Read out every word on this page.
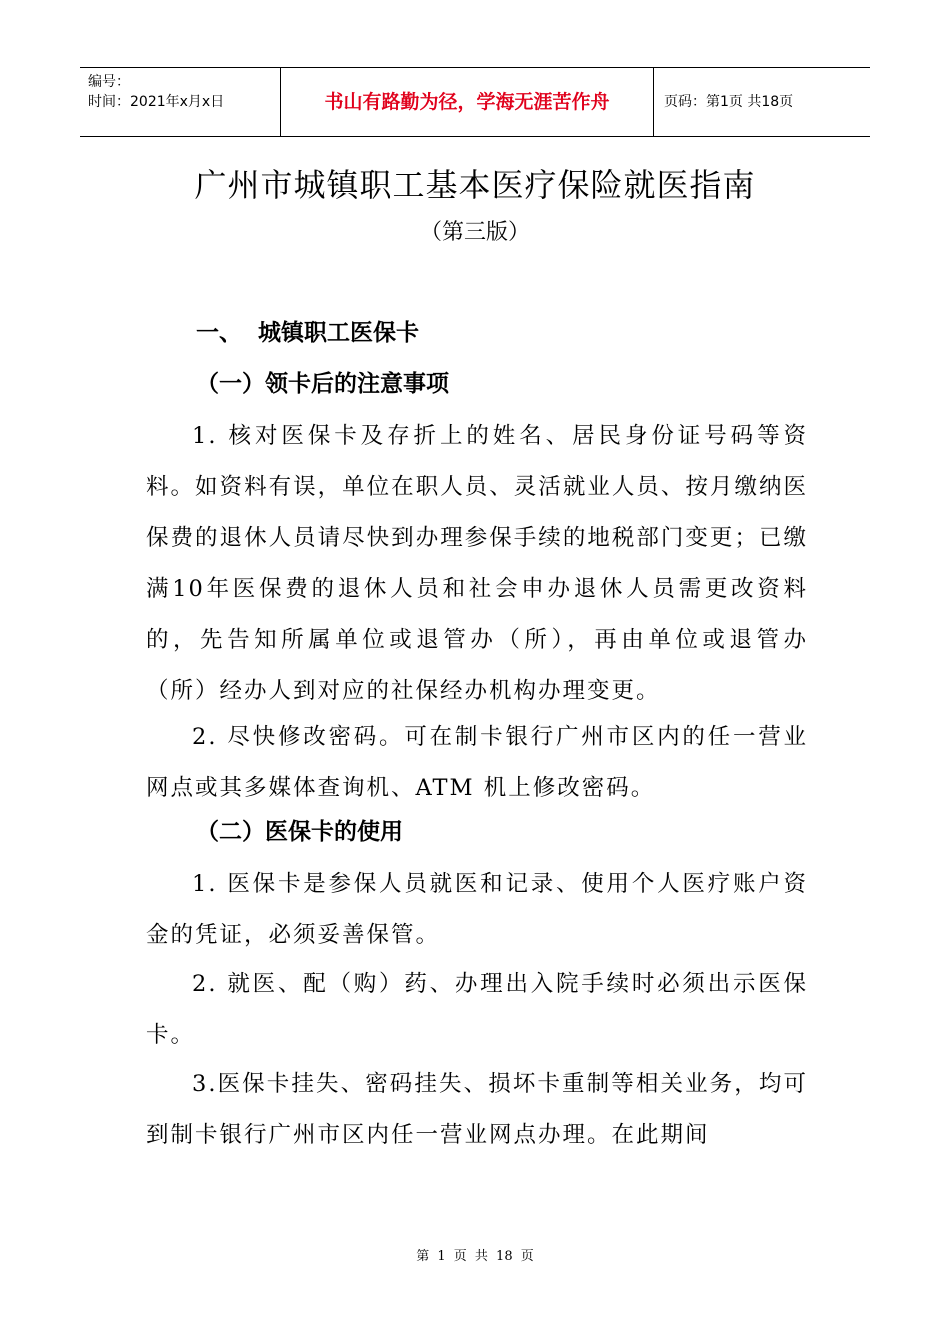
编号：
时间：2021年x月x日	书山有路勤为径，学海无涯苦作舟	页码：第1页 共18页
广州市城镇职工基本医疗保险就医指南
（第三版）
一、 城镇职工医保卡
（一）领卡后的注意事项

1. 核对医保卡及存折上的姓名、居民身份证号码等资料。如资料有误，单位在职人员、灵活就业人员、按月缴纳医保费的退休人员请尽快到办理参保手续的地税部门变更；已缴满10年医保费的退休人员和社会申办退休人员需更改资料的，先告知所属单位或退管办（所），再由单位或退管办（所）经办人到对应的社保经办机构办理变更。

2. 尽快修改密码。可在制卡银行广州市区内的任一营业网点或其多媒体查询机、ATM 机上修改密码。

（二）医保卡的使用

1. 医保卡是参保人员就医和记录、使用个人医疗账户资金的凭证，必须妥善保管。

2. 就医、配（购）药、办理出入院手续时必须出示医保卡。

3.医保卡挂失、密码挂失、损坏卡重制等相关业务，均可到制卡银行广州市区内任一营业网点办理。在此期间

第 1 页 共 18 页
